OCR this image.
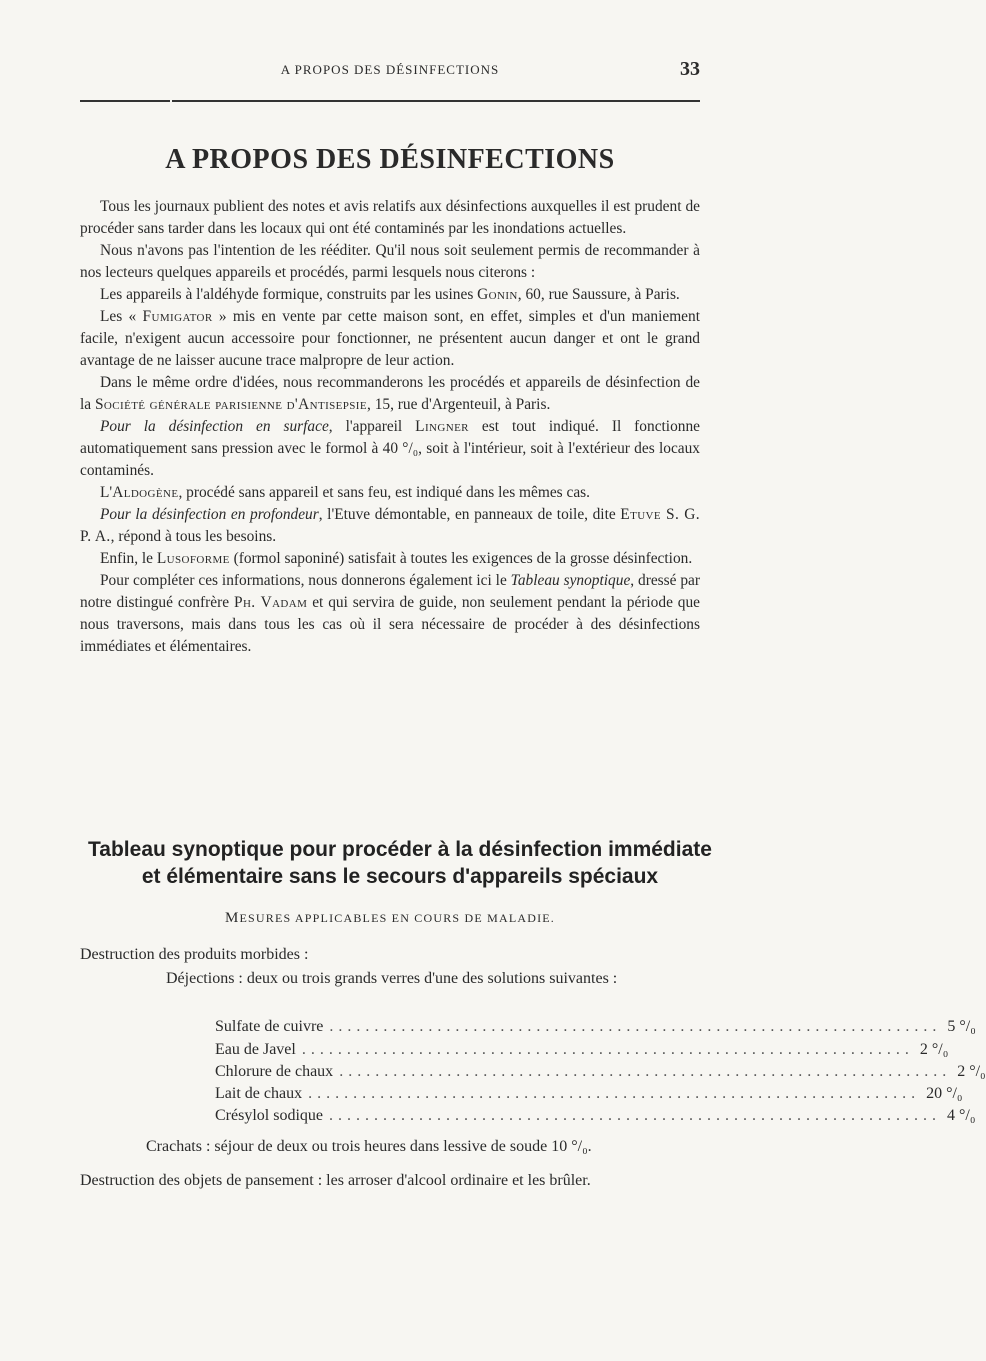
A PROPOS DES DÉSINFECTIONS	33
A PROPOS DES DÉSINFECTIONS

Tous les journaux publient des notes et avis relatifs aux désinfections auxquelles il est prudent de procéder sans tarder dans les locaux qui ont été contaminés par les inondations actuelles.

Nous n'avons pas l'intention de les rééditer. Qu'il nous soit seulement permis de recommander à nos lecteurs quelques appareils et procédés, parmi lesquels nous citerons :

Les appareils à l'aldéhyde formique, construits par les usines Gonin, 60, rue Saussure, à Paris.

Les « Fumigator » mis en vente par cette maison sont, en effet, simples et d'un maniement facile, n'exigent aucun accessoire pour fonctionner, ne présentent aucun danger et ont le grand avantage de ne laisser aucune trace malpropre de leur action.

Dans le même ordre d'idées, nous recommanderons les procédés et appareils de désinfection de la Société générale parisienne d'Antisepsie, 15, rue d'Argenteuil, à Paris.

Pour la désinfection en surface, l'appareil Lingner est tout indiqué. Il fonctionne automatiquement sans pression avec le formol à 40 °/₀, soit à l'intérieur, soit à l'extérieur des locaux contaminés.

L'Aldogène, procédé sans appareil et sans feu, est indiqué dans les mêmes cas.

Pour la désinfection en profondeur, l'Etuve démontable, en panneaux de toile, dite Etuve S. G. P. A., répond à tous les besoins.

Enfin, le Lusoforme (formol saponiné) satisfait à toutes les exigences de la grosse désinfection.

Pour compléter ces informations, nous donnerons également ici le Tableau synoptique, dressé par notre distingué confrère Ph. Vadam et qui servira de guide, non seulement pendant la période que nous traversons, mais dans tous les cas où il sera nécessaire de procéder à des désinfections immédiates et élémentaires.

Tableau synoptique pour procéder à la désinfection immédiate
et élémentaire sans le secours d'appareils spéciaux
MESURES APPLICABLES EN COURS DE MALADIE.
Destruction des produits morbides :
Déjections : deux ou trois grands verres d'une des solutions suivantes :
Sulfate de cuivre .................................................................... 5 °/₀
Eau de Javel .................................................................... 2 °/₀
Chlorure de chaux .................................................................... 2 °/₀
Lait de chaux .................................................................... 20 °/₀
Crésylol sodique .................................................................... 4 °/₀
Crachats : séjour de deux ou trois heures dans lessive de soude 10 °/₀.
Destruction des objets de pansement : les arroser d'alcool ordinaire et les brûler.
